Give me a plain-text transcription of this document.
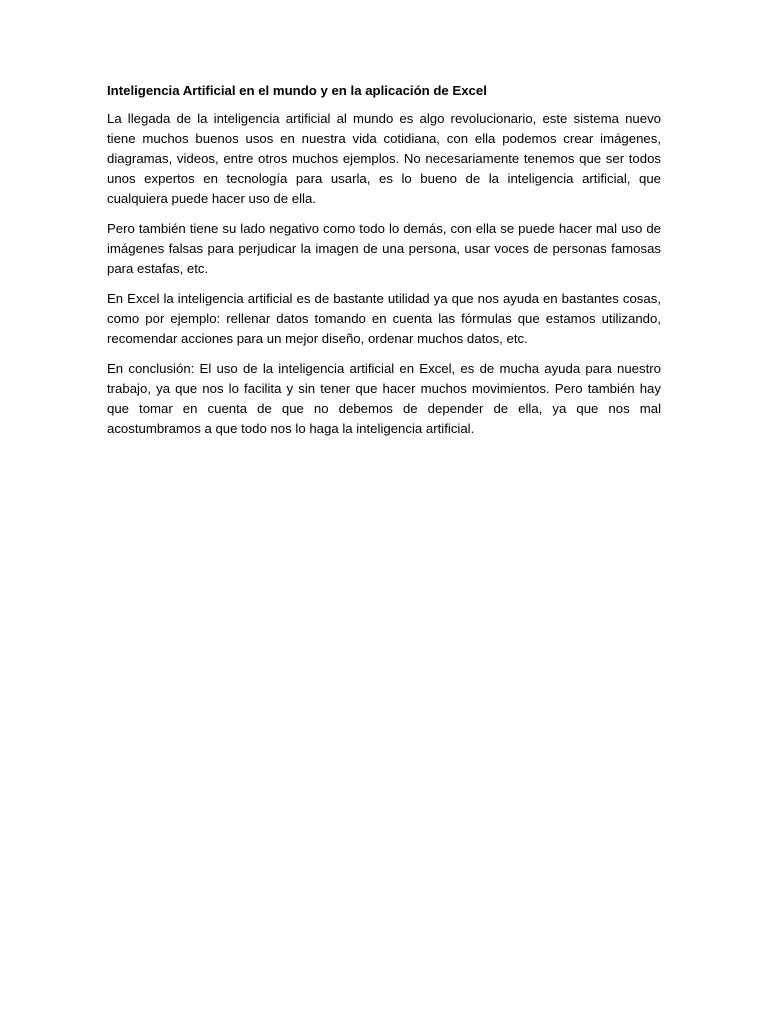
Inteligencia Artificial en el mundo y en la aplicación de Excel

La llegada de la inteligencia artificial al mundo es algo revolucionario, este sistema nuevo tiene muchos buenos usos en nuestra vida cotidiana, con ella podemos crear imágenes, diagramas, videos, entre otros muchos ejemplos. No necesariamente tenemos que ser todos unos expertos en tecnología para usarla, es lo bueno de la inteligencia artificial, que cualquiera puede hacer uso de ella.

Pero también tiene su lado negativo como todo lo demás, con ella se puede hacer mal uso de imágenes falsas para perjudicar la imagen de una persona, usar voces de personas famosas para estafas, etc.

En Excel la inteligencia artificial es de bastante utilidad ya que nos ayuda en bastantes cosas, como por ejemplo: rellenar datos tomando en cuenta las fórmulas que estamos utilizando, recomendar acciones para un mejor diseño, ordenar muchos datos, etc.

En conclusión: El uso de la inteligencia artificial en Excel, es de mucha ayuda para nuestro trabajo, ya que nos lo facilita y sin tener que hacer muchos movimientos. Pero también hay que tomar en cuenta de que no debemos de depender de ella, ya que nos mal acostumbramos a que todo nos lo haga la inteligencia artificial.
